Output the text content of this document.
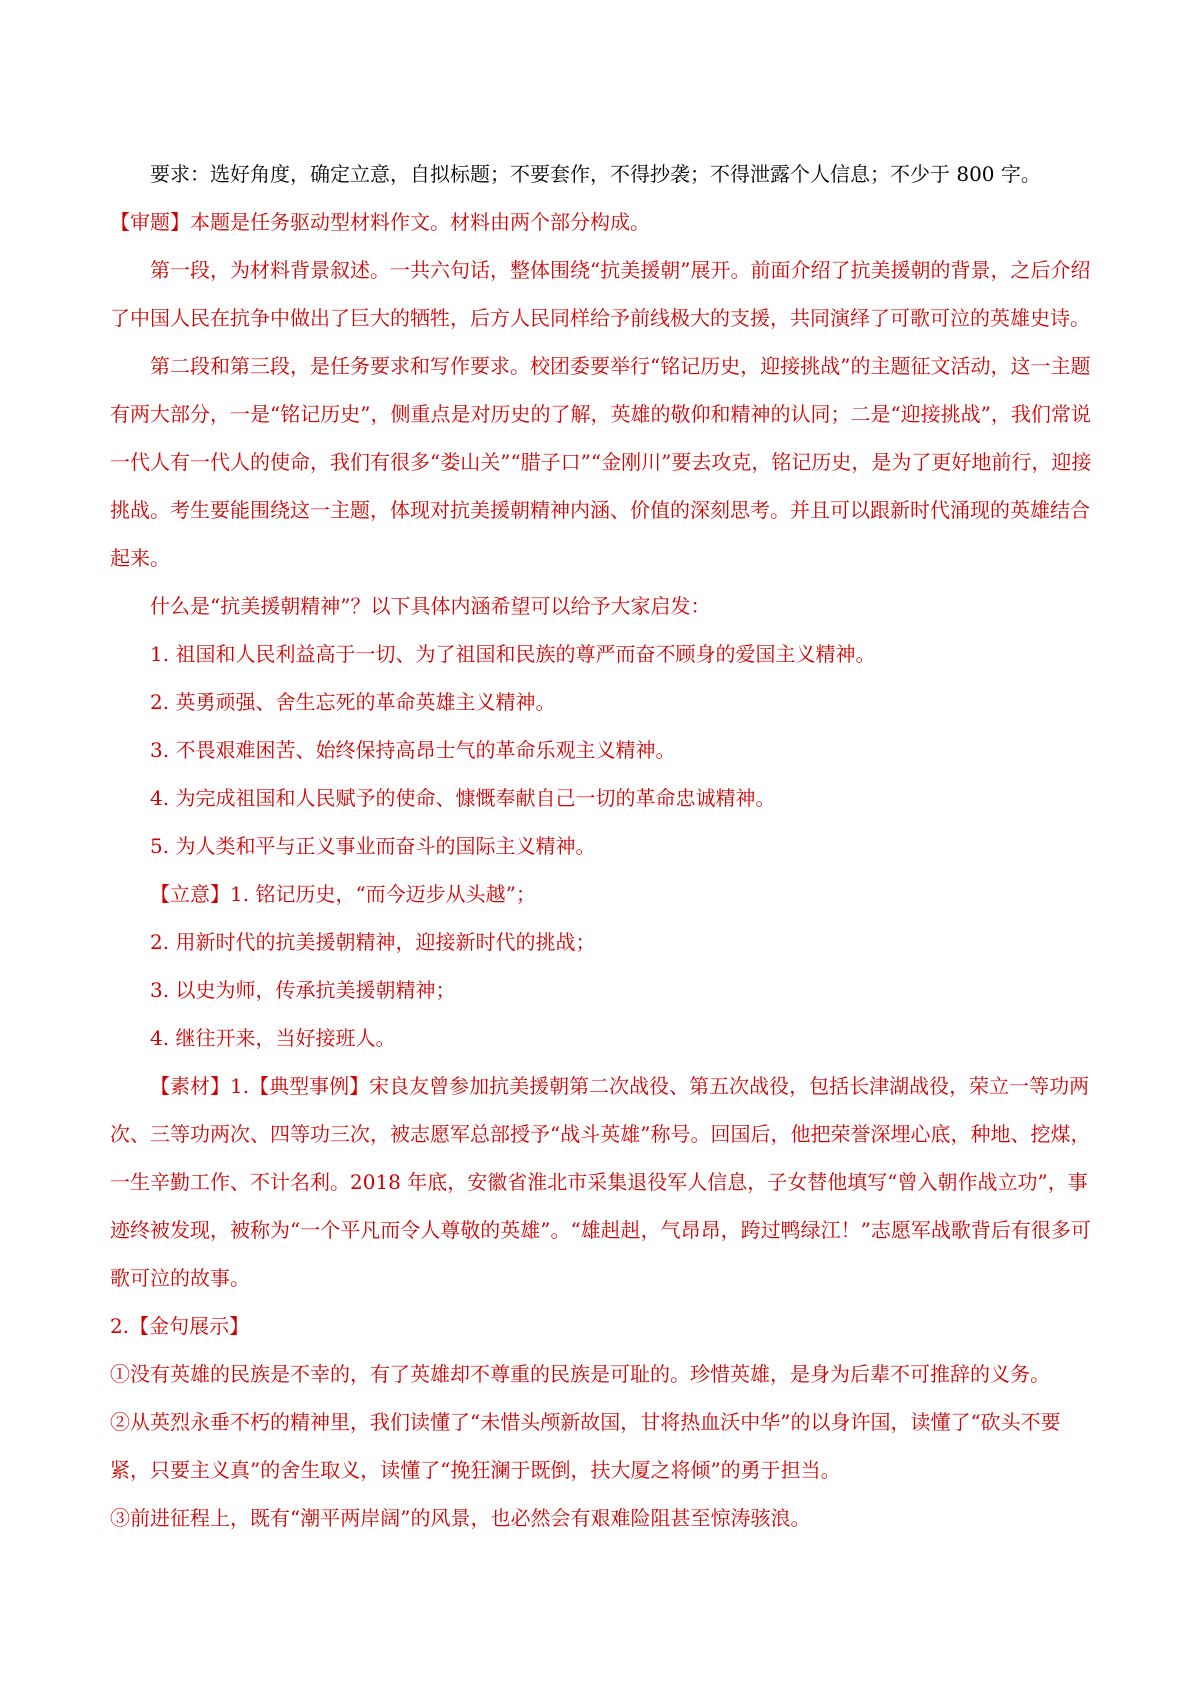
要求：选好角度，确定立意，自拟标题；不要套作，不得抄袭；不得泄露个人信息；不少于 800 字。

【审题】本题是任务驱动型材料作文。材料由两个部分构成。

第一段，为材料背景叙述。一共六句话，整体围绕“抗美援朝”展开。前面介绍了抗美援朝的背景，之后介绍了中国人民在抗争中做出了巨大的牺牲，后方人民同样给予前线极大的支援，共同演绎了可歌可泣的英雄史诗。

第二段和第三段，是任务要求和写作要求。校团委要举行“铭记历史，迎接挑战”的主题征文活动，这一主题有两大部分，一是“铭记历史”，侧重点是对历史的了解，英雄的敬仰和精神的认同；二是“迎接挑战”，我们常说一代人有一代人的使命，我们有很多“娄山关”“腊子口”“金刚川”要去攻克，铭记历史，是为了更好地前行，迎接挑战。考生要能围绕这一主题，体现对抗美援朝精神内涵、价值的深刻思考。并且可以跟新时代涌现的英雄结合起来。

什么是“抗美援朝精神”？以下具体内涵希望可以给予大家启发：

1. 祖国和人民利益高于一切、为了祖国和民族的尊严而奋不顾身的爱国主义精神。

2. 英勇顽强、舍生忘死的革命英雄主义精神。

3. 不畏艰难困苦、始终保持高昂士气的革命乐观主义精神。

4. 为完成祖国和人民赋予的使命、慷慨奉献自己一切的革命忠诚精神。

5. 为人类和平与正义事业而奋斗的国际主义精神。

【立意】1. 铭记历史，“而今迈步从头越”；

2. 用新时代的抗美援朝精神，迎接新时代的挑战；

3. 以史为师，传承抗美援朝精神；

4. 继往开来，当好接班人。

【素材】1.【典型事例】宋良友曾参加抗美援朝第二次战役、第五次战役，包括长津湖战役，荣立一等功两次、三等功两次、四等功三次，被志愿军总部授予“战斗英雄”称号。回国后，他把荣誉深埋心底，种地、挖煤，一生辛勤工作、不计名利。2018 年底，安徽省淮北市采集退役军人信息，子女替他填写“曾入朝作战立功”，事迹终被发现，被称为“一个平凡而令人尊敬的英雄”。“雄赳赳，气昂昂，跨过鸭绿江！”志愿军战歌背后有很多可歌可泣的故事。

2.【金句展示】

①没有英雄的民族是不幸的，有了英雄却不尊重的民族是可耻的。珍惜英雄，是身为后辈不可推辞的义务。

②从英烈永垂不朽的精神里，我们读懂了“未惜头颅新故国，甘将热血沃中华”的以身许国，读懂了“砍头不要紧，只要主义真”的舍生取义，读懂了“挽狂澜于既倒，扶大厦之将倾”的勇于担当。

③前进征程上，既有“潮平两岸阔”的风景，也必然会有艰难险阻甚至惊涛骇浪。
